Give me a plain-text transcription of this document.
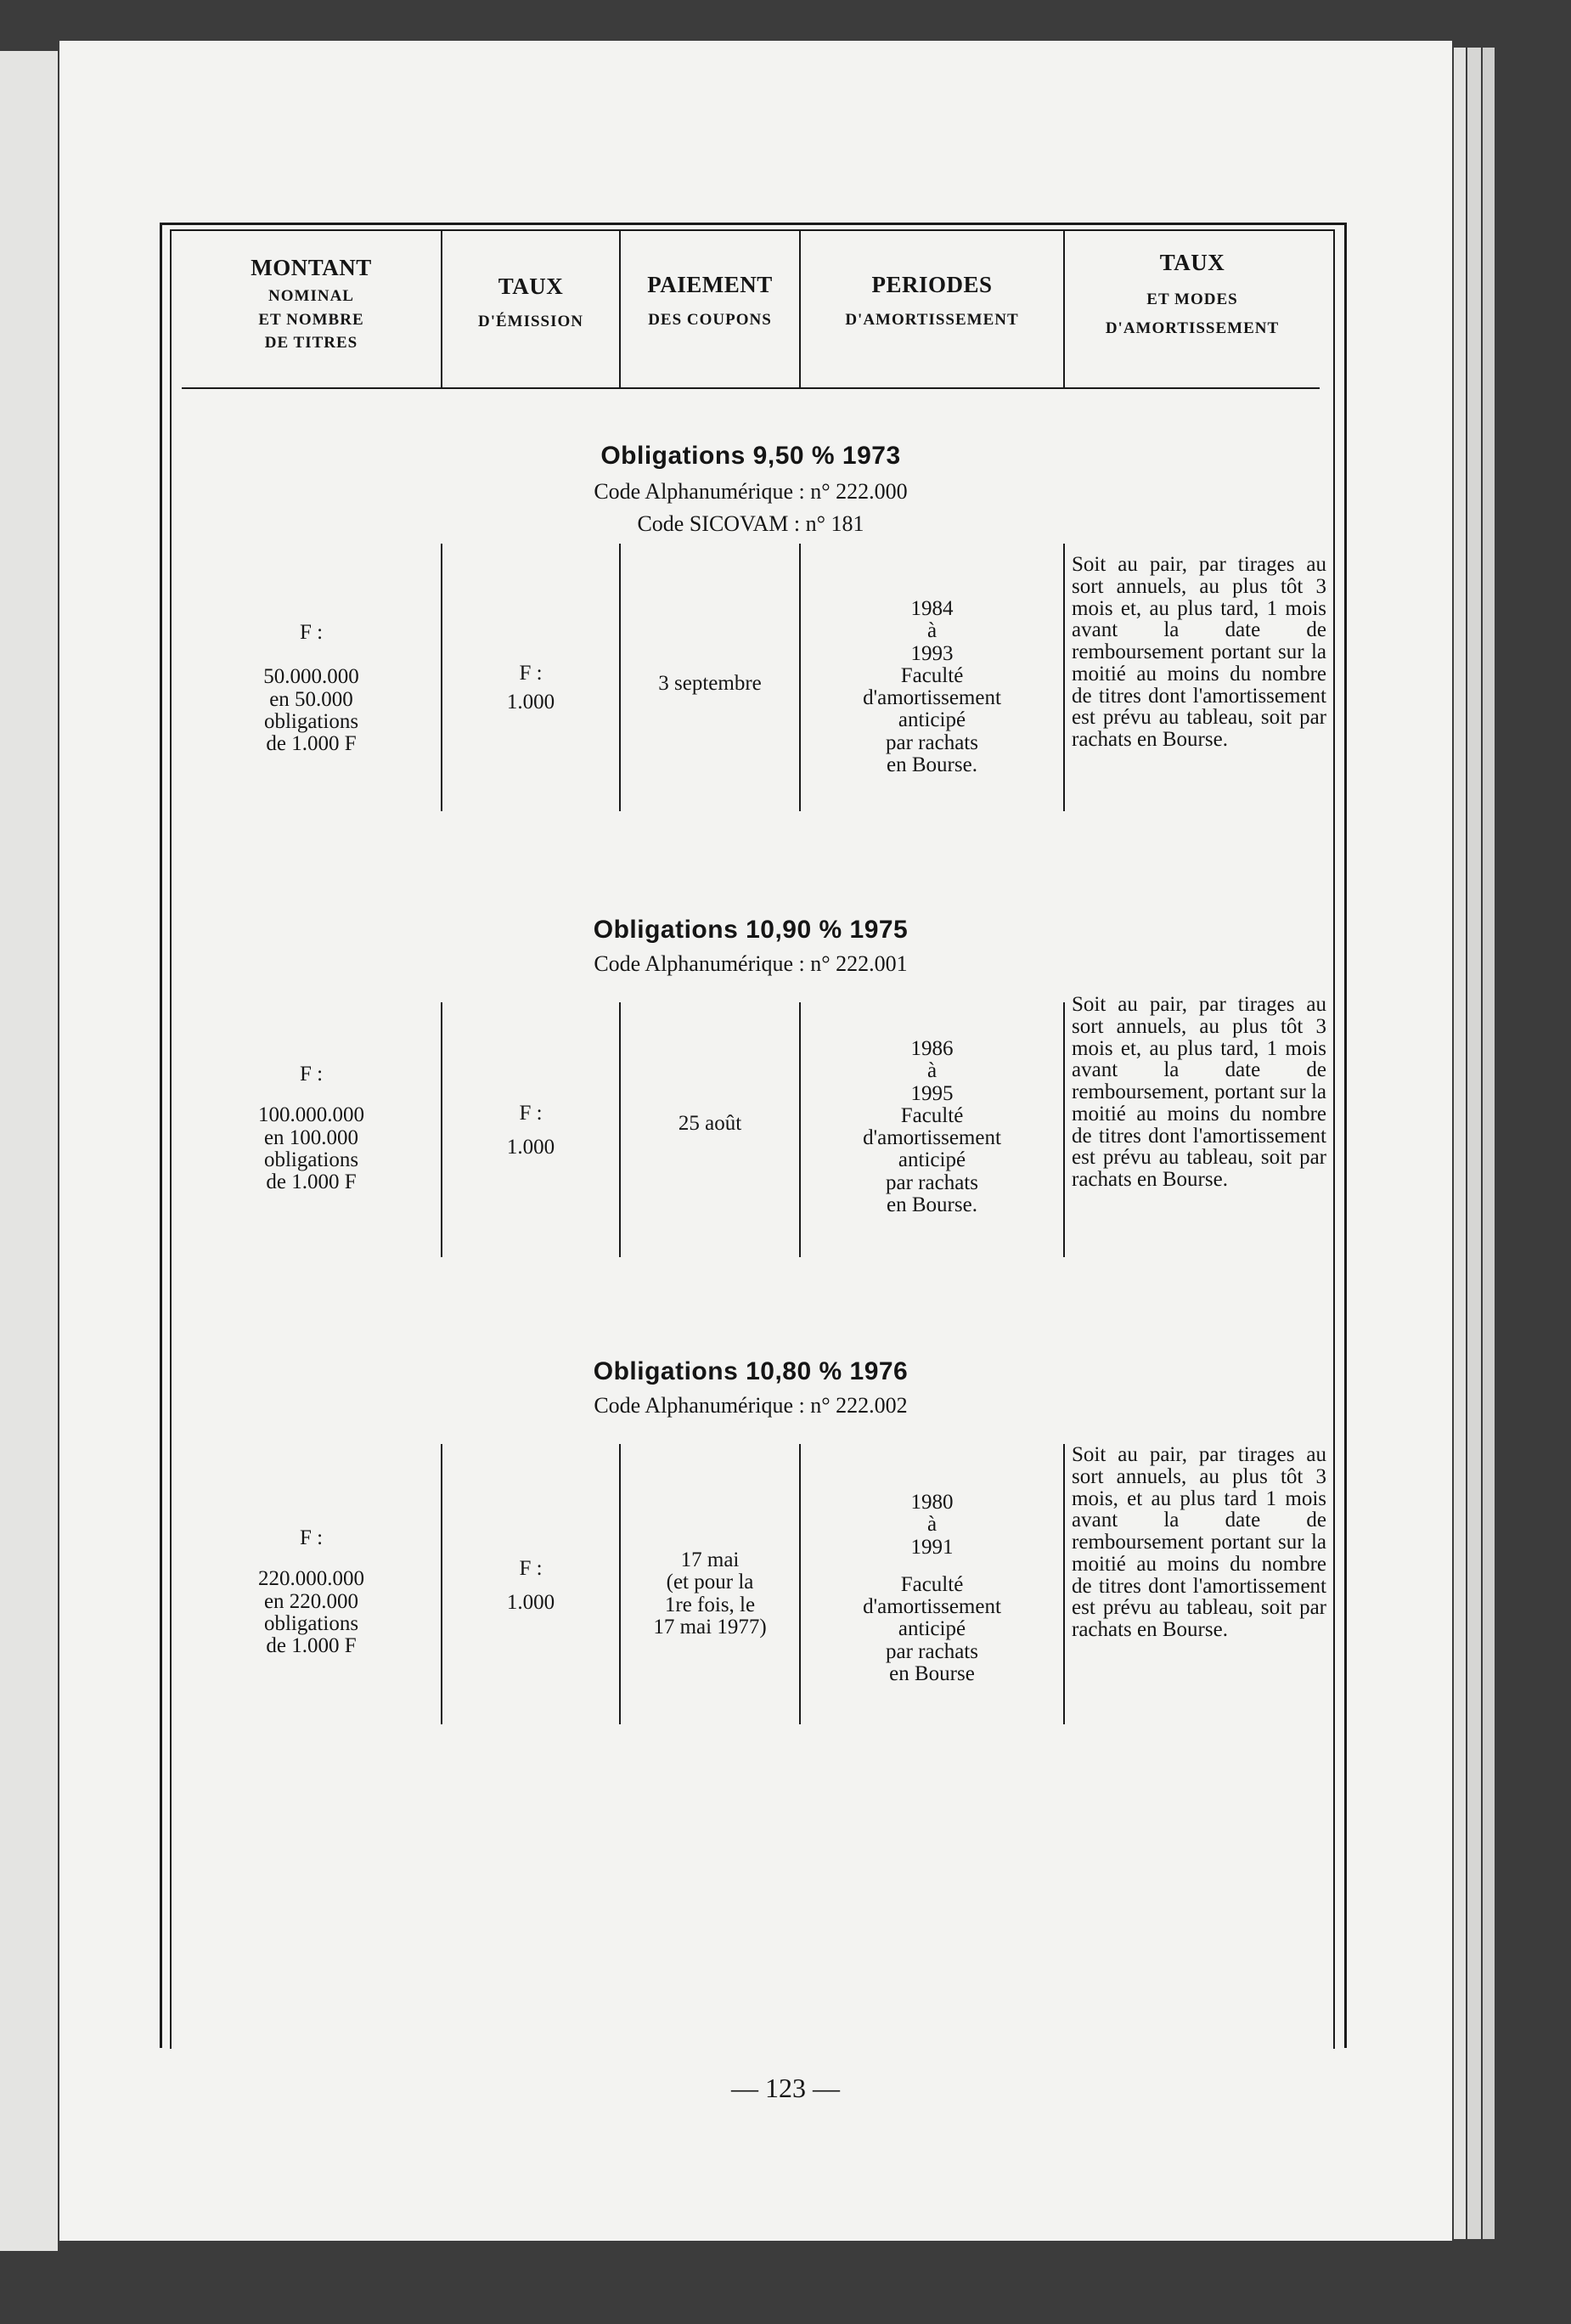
MONTANT
NOMINAL
ET NOMBRE
DE TITRES
TAUX
D'ÉMISSION
PAIEMENT
DES COUPONS
PERIODES
D'AMORTISSEMENT
TAUX
ET MODES
D'AMORTISSEMENT
Obligations 9,50 % 1973
Code Alphanumérique : n° 222.000
Code SICOVAM : n° 181
F :
50.000.000
en 50.000
obligations
de 1.000 F
F :
1.000
3 septembre
1984
à
1993
Faculté
d'amortissement
anticipé
par rachats
en Bourse.
Soit au pair, par tirages au sort annuels, au plus tôt 3 mois et, au plus tard, 1 mois avant la date de remboursement portant sur la moitié au moins du nombre de titres dont l'amortissement est prévu au tableau, soit par rachats en Bourse.
Obligations 10,90 % 1975
Code Alphanumérique : n° 222.001
F :
100.000.000
en 100.000
obligations
de 1.000 F
F :
1.000
25 août
1986
à
1995
Faculté
d'amortissement
anticipé
par rachats
en Bourse.
Soit au pair, par tirages au sort annuels, au plus tôt 3 mois et, au plus tard, 1 mois avant la date de remboursement, portant sur la moitié au moins du nombre de titres dont l'amortissement est prévu au tableau, soit par rachats en Bourse.
Obligations 10,80 % 1976
Code Alphanumérique : n° 222.002
F :
220.000.000
en 220.000
obligations
de 1.000 F
F :
1.000
17 mai
(et pour la
1re fois, le
17 mai 1977)
1980
à
1991
Faculté
d'amortissement
anticipé
par rachats
en Bourse
Soit au pair, par tirages au sort annuels, au plus tôt 3 mois, et au plus tard 1 mois avant la date de remboursement portant sur la moitié au moins du nombre de titres dont l'amortissement est prévu au tableau, soit par rachats en Bourse.
— 123 —
